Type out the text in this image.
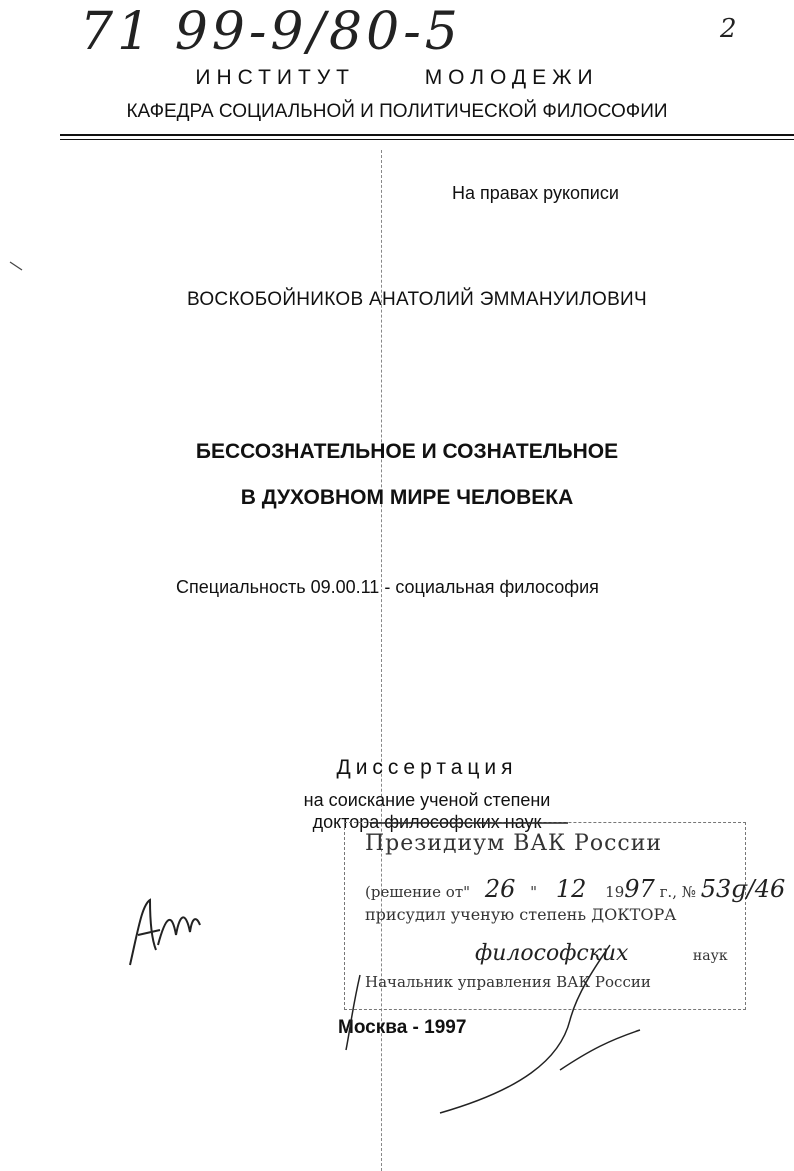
71 99-9/80-5	2
ИНСТИТУТ	МОЛОДЕЖИ
КАФЕДРА СОЦИАЛЬНОЙ И ПОЛИТИЧЕСКОЙ ФИЛОСОФИИ
На правах рукописи
ВОСКОБОЙНИКОВ АНАТОЛИЙ ЭММАНУИЛОВИЧ
БЕССОЗНАТЕЛЬНОЕ И СОЗНАТЕЛЬНОЕ
В ДУХОВНОМ МИРЕ ЧЕЛОВЕКА
Специальность 09.00.11 - социальная философия
Диссертация
на соискание ученой степени
доктора философских наук
Президиум ВАК России
(решение от" 26 " 12 1997 г., № 53ɡ/46
присудил ученую степень ДОКТОРА
философских	наук
Начальник управления ВАК России
Москва - 1997
